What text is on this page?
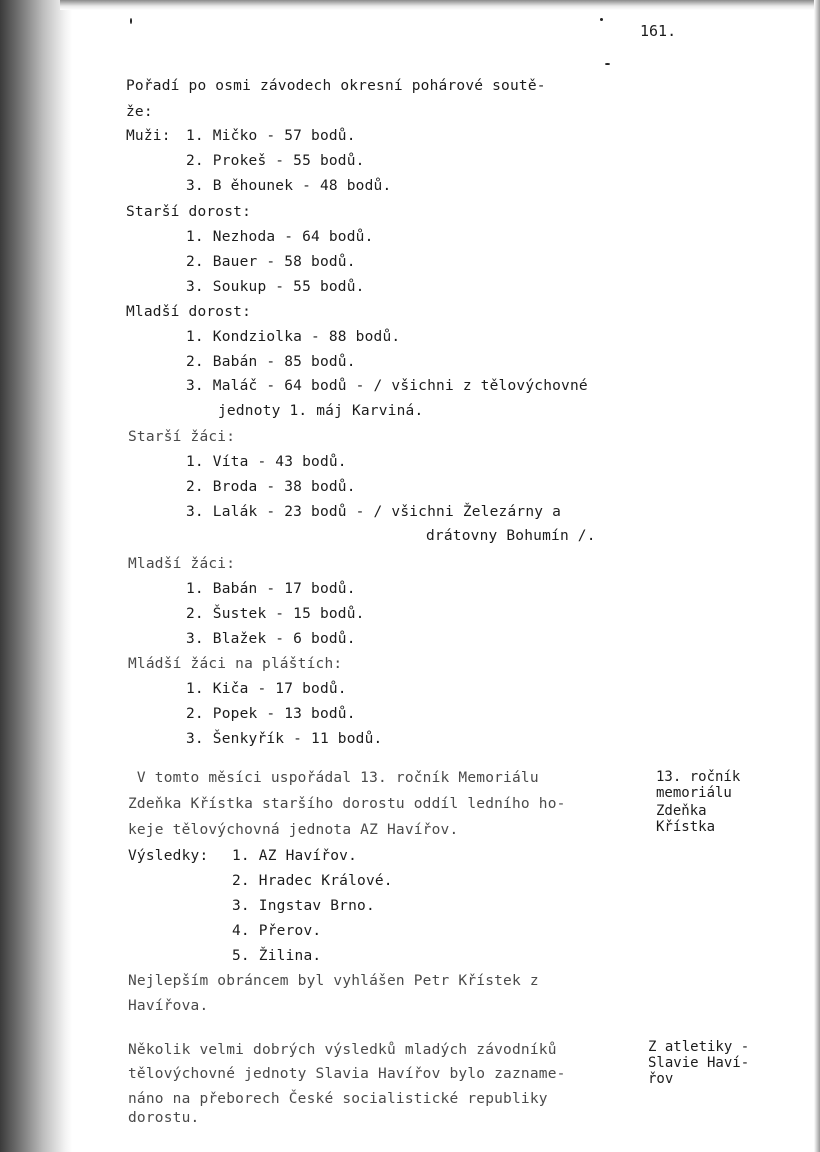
161.
Pořadí po osmi závodech okresní pohárové soutě-
že:
Muži: 1. Mičko - 57 bodů.
2. Prokeš - 55 bodů.
3. B ěhounek - 48 bodů.
Starší dorost:
1. Nezhoda - 64 bodů.
2. Bauer - 58 bodů.
3. Soukup - 55 bodů.
Mladší dorost:
1. Kondziolka - 88 bodů.
2. Babán - 85 bodů.
3. Maláč - 64 bodů - / všichni z tělovýchovné
jednoty 1. máj Karviná.
Starší žáci:
1. Víta - 43 bodů.
2. Broda - 38 bodů.
3. Lalák - 23 bodů - / všichni Železárny a
drátovny Bohumín /.
Mladší žáci:
1. Babán - 17 bodů.
2. Šustek - 15 bodů.
3. Blažek - 6 bodů.
Mládší žáci na pláštích:
1. Kiča - 17 bodů.
2. Popek - 13 bodů.
3. Šenkyřík - 11 bodů.
V tomto měsíci uspořádal 13. ročník Memoriálu
Zdeňka Křístka staršího dorostu oddíl ledního ho-
keje tělovýchovná jednota AZ Havířov.
13. ročník
memoriálu
Zdeňka
Křístka
Výsledky: 1. AZ Havířov.
2. Hradec Králové.
3. Ingstav Brno.
4. Přerov.
5. Žilina.
Nejlepším obráncem byl vyhlášen Petr Křístek z
Havířova.
Několik velmi dobrých výsledků mladých závodníků
tělovýchovné jednoty Slavia Havířov bylo zazname-
náno na přeborech České socialistické republiky
dorostu.
Z atletiky -
Slavie Haví-
řov
